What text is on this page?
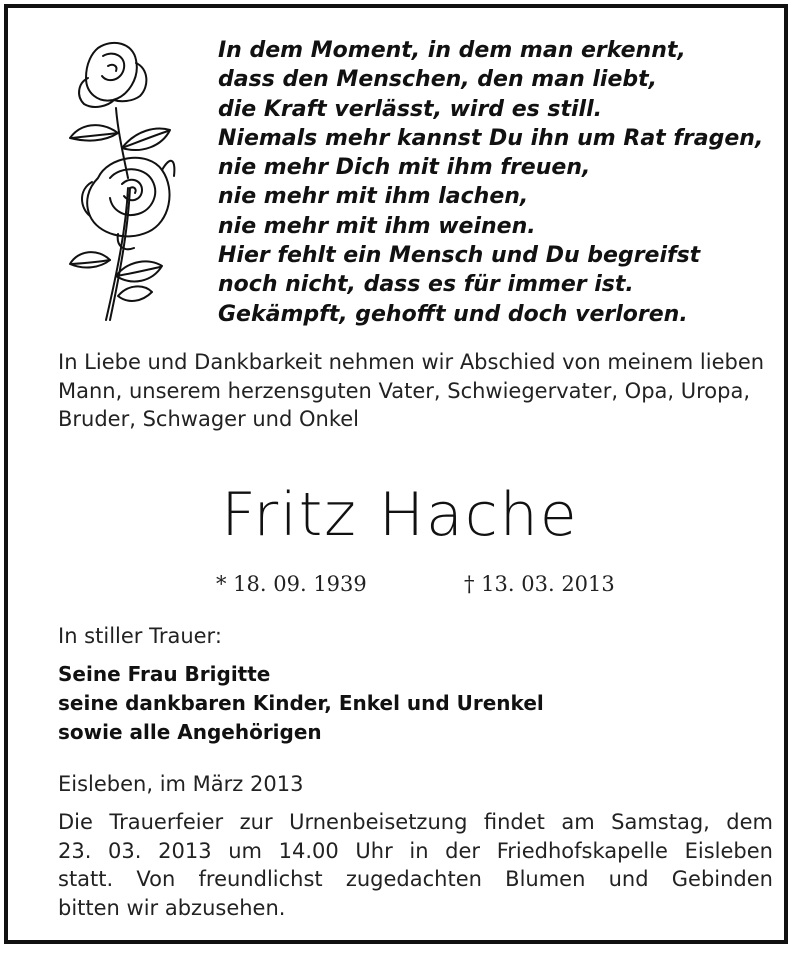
In dem Moment, in dem man erkennt,
dass den Menschen, den man liebt,
die Kraft verlässt, wird es still.
Niemals mehr kannst Du ihn um Rat fragen,
nie mehr Dich mit ihm freuen,
nie mehr mit ihm lachen,
nie mehr mit ihm weinen.
Hier fehlt ein Mensch und Du begreifst
noch nicht, dass es für immer ist.
Gekämpft, gehofft und doch verloren.
In Liebe und Dankbarkeit nehmen wir Abschied von meinem lieben Mann, unserem herzensguten Vater, Schwiegervater, Opa, Uropa, Bruder, Schwager und Onkel
Fritz Hache
* 18. 09. 1939	† 13. 03. 2013
In stiller Trauer:
Seine Frau Brigitte
seine dankbaren Kinder, Enkel und Urenkel
sowie alle Angehörigen
Eisleben, im März 2013
Die Trauerfeier zur Urnenbeisetzung findet am Samstag, dem
23. 03. 2013 um 14.00 Uhr in der Friedhofskapelle Eisleben
statt. Von freundlichst zugedachten Blumen und Gebinden
bitten wir abzusehen.
